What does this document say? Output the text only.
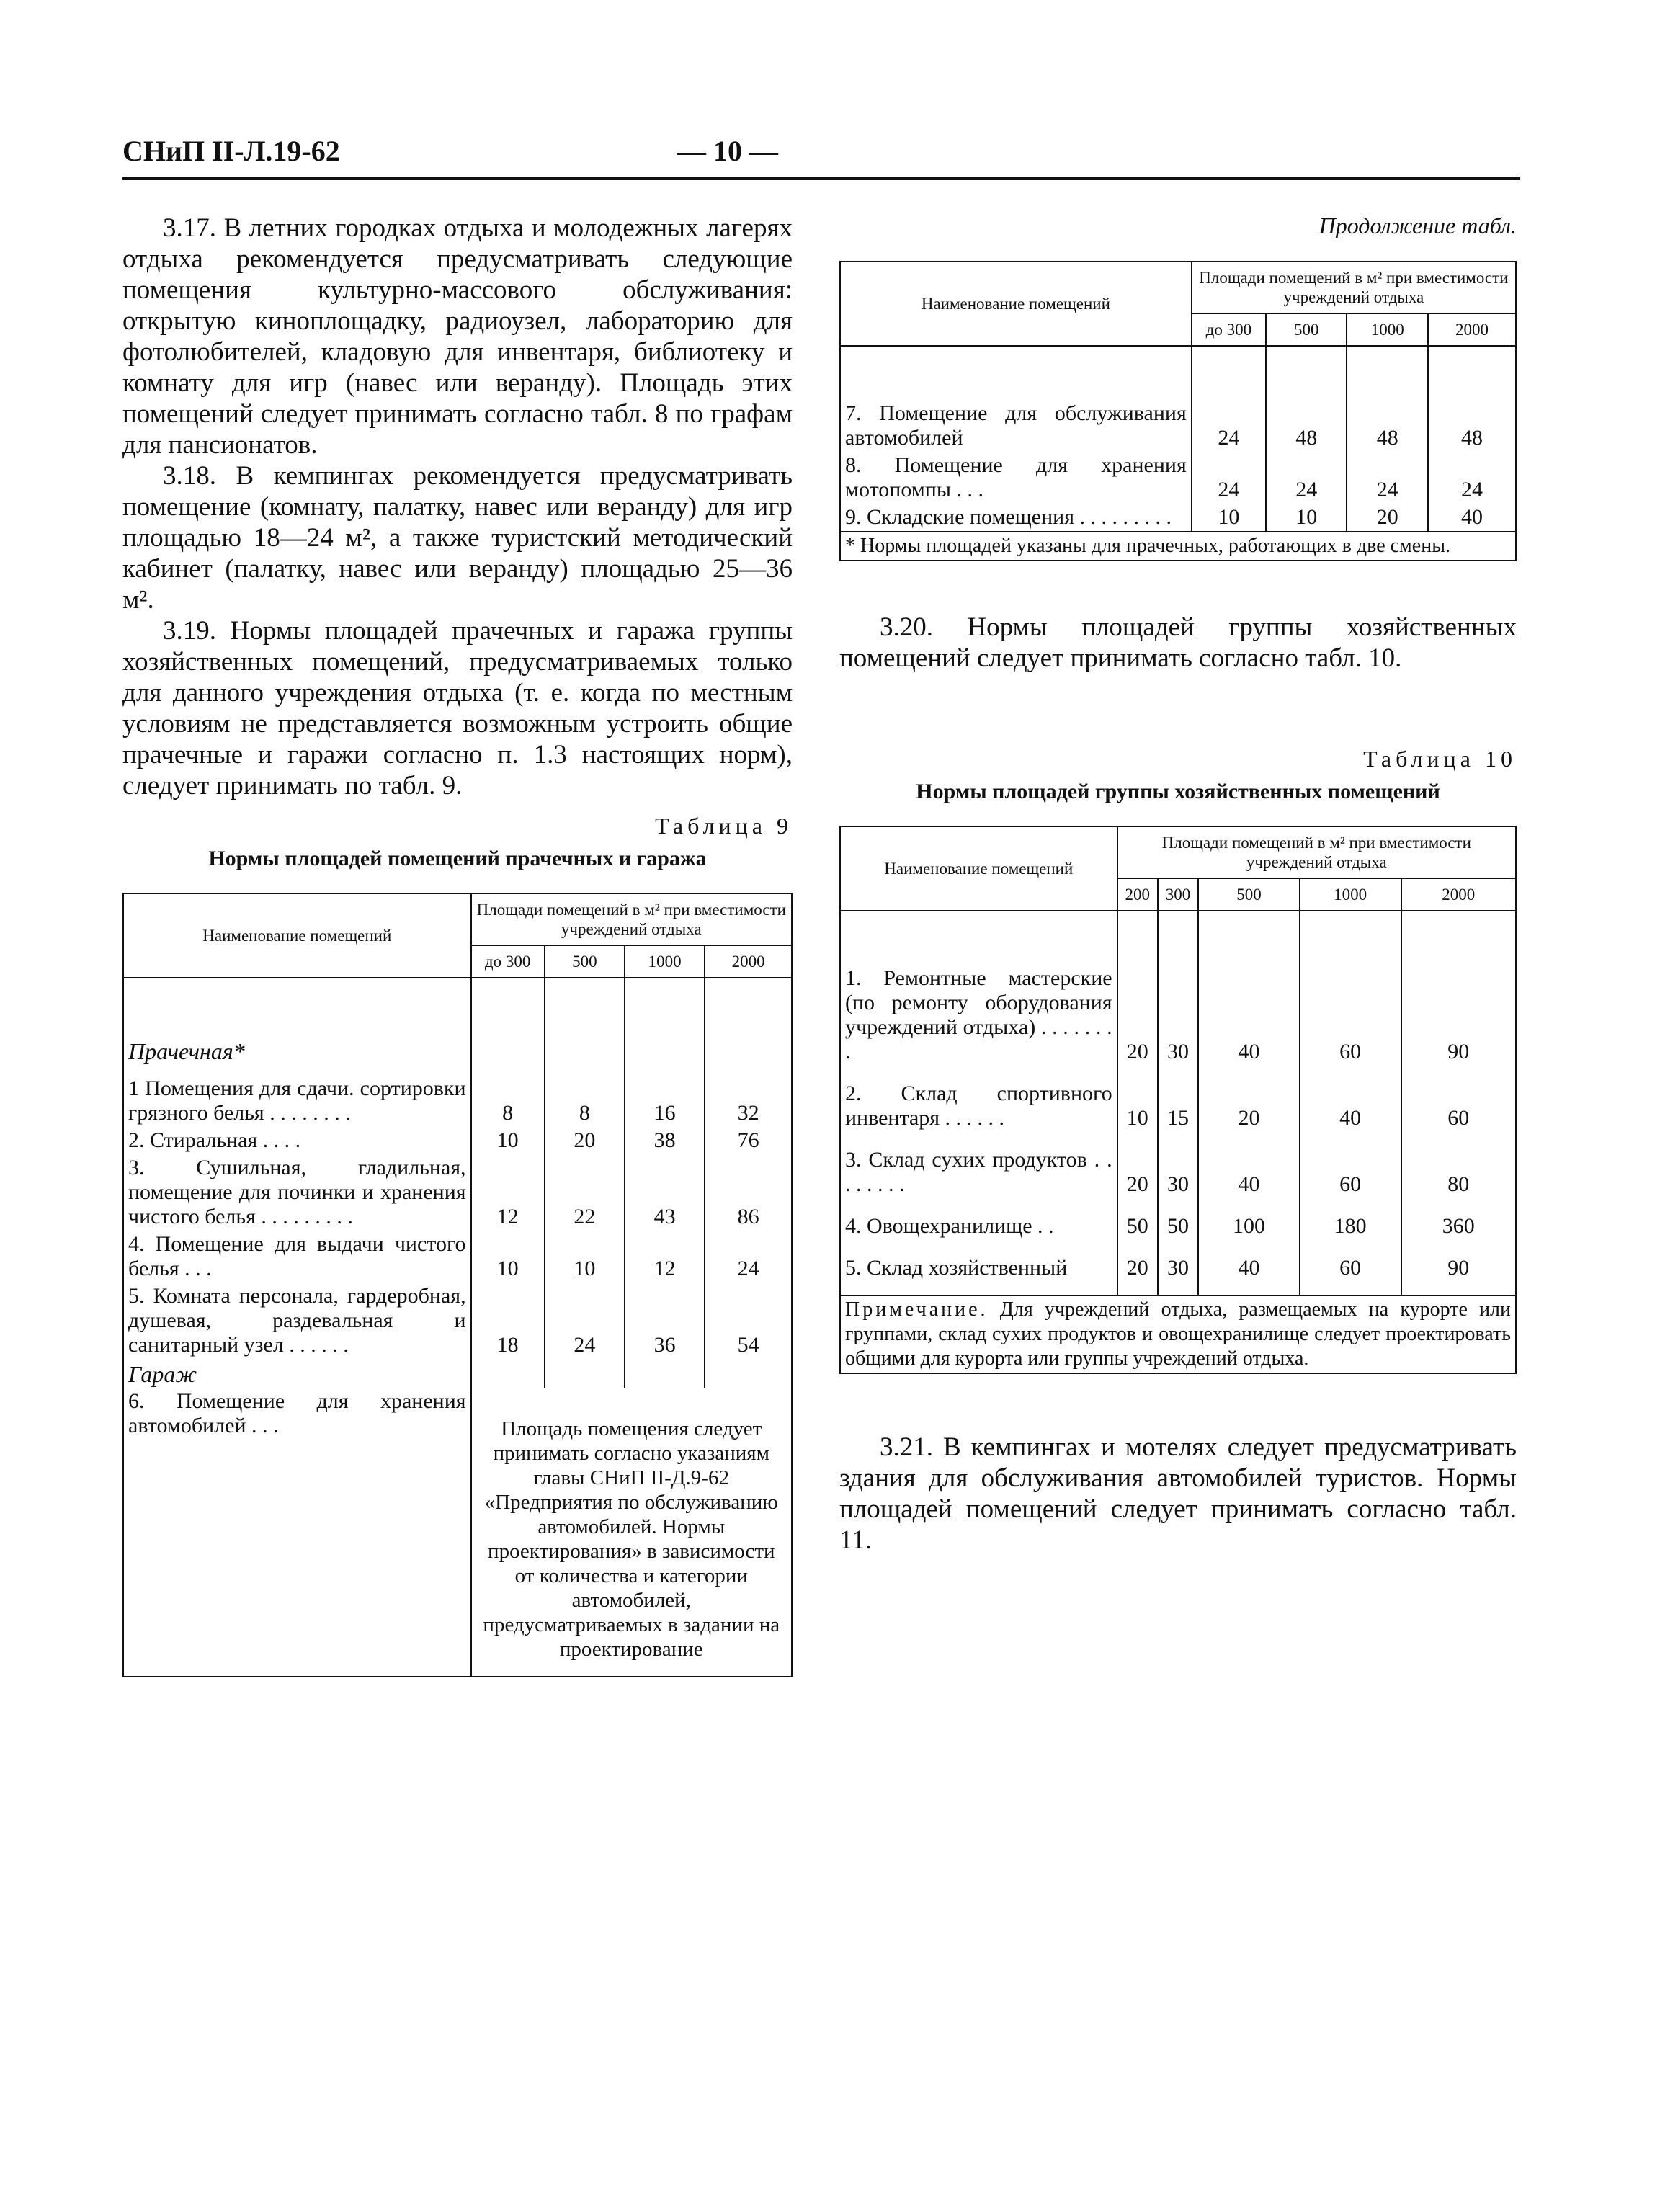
СНиП II-Л.19-62	— 10 —

3.17. В летних городках отдыха и молодежных лагерях отдыха рекомендуется предусматривать следующие помещения культурно-массового обслуживания: открытую киноплощадку, радиоузел, лабораторию для фотолюбителей, кладовую для инвентаря, библиотеку и комнату для игр (навес или веранду). Площадь этих помещений следует принимать согласно табл. 8 по графам для пансионатов.

3.18. В кемпингах рекомендуется предусматривать помещение (комнату, палатку, навес или веранду) для игр площадью 18—24 м², а также туристский методический кабинет (палатку, навес или веранду) площадью 25—36 м².

3.19. Нормы площадей прачечных и гаража группы хозяйственных помещений, предусматриваемых только для данного учреждения отдыха (т. е. когда по местным условиям не представляется возможным устроить общие прачечные и гаражи согласно п. 1.3 настоящих норм), следует принимать по табл. 9.

Таблица 9
Нормы площадей помещений прачечных и гаража
Наименование помещений	Площади помещений в м² при вместимости учреждений отдыха			
	до 300	500	1000	2000

Прачечная*				
1 Помещения для сдачи. сортировки грязного белья . . . . . . . .	8	8	16	32
2. Стиральная . . . .	10	20	38	76
3. Сушильная, гладильная, помещение для починки и хранения чистого белья . . . . . . . . .	12	22	43	86
4. Помещение для выдачи чистого белья . . .	10	10	12	24
5. Комната персонала, гардеробная, душевая, раздевальная и санитарный узел . . . . . .	18	24	36	54
Гараж				
6. Помещение для хранения автомобилей . . .	Площадь помещения следует принимать согласно указаниям главы СНиП II-Д.9-62 «Предприятия по обслуживанию автомобилей. Нормы проектирования» в зависимости от количества и категории автомобилей, предусматриваемых в задании на проектирование			
Продолжение табл.
Наименование помещений	Площади помещений в м² при вместимости учреждений отдыха			
	до 300	500	1000	2000

7. Помещение для обслуживания автомобилей	24	48	48	48
8. Помещение для хранения мотопомпы . . .	24	24	24	24
9. Складские помещения . . . . . . . . .	10	10	20	40
* Нормы площадей указаны для прачечных, работающих в две смены.				

3.20. Нормы площадей группы хозяйственных помещений следует принимать согласно табл. 10.

Таблица 10
Нормы площадей группы хозяйственных помещений
Наименование помещений	Площади помещений в м² при вместимости учреждений отдыха				
	200	300	500	1000	2000

1. Ремонтные мастерские (по ремонту оборудования учреждений отдыха) . . . . . . . .	20	30	40	60	90
2. Склад спортивного инвентаря . . . . . .	10	15	20	40	60
3. Склад сухих продуктов . . . . . . . .	20	30	40	60	80
4. Овощехранилище . .	50	50	100	180	360
5. Склад хозяйственный	20	30	40	60	90
Примечание. Для учреждений отдыха, размещаемых на курорте или группами, склад сухих продуктов и овощехранилище следует проектировать общими для курорта или группы учреждений отдыха.					

3.21. В кемпингах и мотелях следует предусматривать здания для обслуживания автомобилей туристов. Нормы площадей помещений следует принимать согласно табл. 11.
